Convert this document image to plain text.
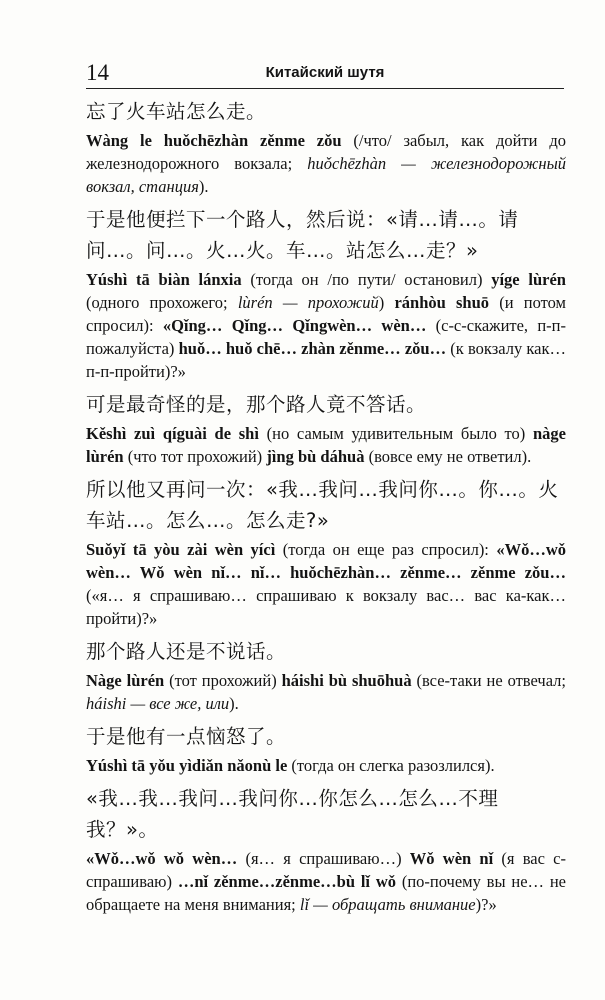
14	Китайский шутя

忘了火车站怎么走。

Wàng le huǒchēzhàn zěnme zǒu (/что/ забыл, как дойти до железнодорожного вокзала; huǒchēzhàn — железнодорожный вокзал, станция).

于是他便拦下一个路人，然后说：«请…请…。请问…。问…。火…火。车…。站怎么…走？»

Yúshì tā biàn lánxia (тогда он /по пути/ остановил) yíge lùrén (одного прохожего; lùrén — прохожий) ránhòu shuō (и потом спросил): «Qǐng… Qǐng… Qǐngwèn… wèn… (с-с-скажите, п-п-пожалуйста) huǒ… huǒ chē… zhàn zěnme… zǒu… (к вокзалу как… п-п-пройти)?»

可是最奇怪的是，那个路人竟不答话。

Kěshì zuì qíguài de shì (но самым удивительным было то) nàge lùrén (что тот прохожий) jìng bù dáhuà (вовсе ему не ответил).

所以他又再问一次：«我…我问…我问你…。你…。火车站…。怎么…。怎么走?»

Suǒyǐ tā yòu zài wèn yícì (тогда он еще раз спросил): «Wǒ…wǒ wèn… Wǒ wèn nǐ… nǐ… huǒchēzhàn… zěnme… zěnme zǒu… («я… я спрашиваю… спрашиваю к вокзалу вас… вас ка-как… пройти)?»

那个路人还是不说话。

Nàge lùrén (тот прохожий) háishi bù shuōhuà (все-таки не отвечал; háishi — все же, или).

于是他有一点恼怒了。

Yúshì tā yǒu yìdiǎn nǎonù le (тогда он слегка разозлился).

«我…我…我问…我问你…你怎么…怎么…不理我？»。

«Wǒ…wǒ wǒ wèn… (я… я спрашиваю…) Wǒ wèn nǐ (я вас с-спрашиваю) …nǐ zěnme…zěnme…bù lǐ wǒ (по-почему вы не… не обращаете на меня внимания; lǐ — обращать внимание)?»
